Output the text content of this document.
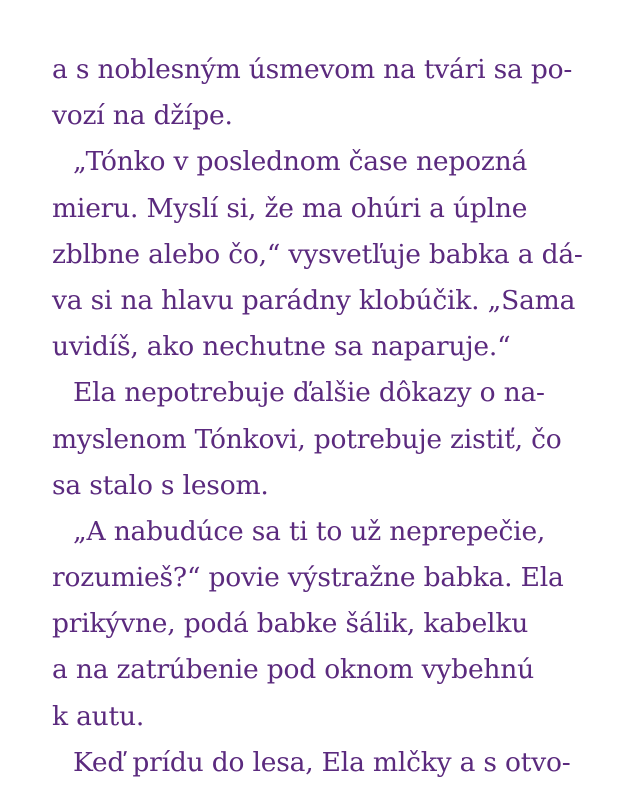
a s noblesným úsmevom na tvári sa po-
vozí na džípe.
„Tónko v poslednom čase nepozná
mieru. Myslí si, že ma ohúri a úplne
zblbne alebo čo,“ vysvetľuje babka a dá-
va si na hlavu parádny klobúčik. „Sama
uvidíš, ako nechutne sa naparuje.“
Ela nepotrebuje ďalšie dôkazy o na-
myslenom Tónkovi, potrebuje zistiť, čo
sa stalo s lesom.
„A nabudúce sa ti to už neprepečie,
rozumieš?“ povie výstražne babka. Ela
prikývne, podá babke šálik, kabelku
a na zatrúbenie pod oknom vybehnú
k autu.
Keď prídu do lesa, Ela mlčky a s otvo-
